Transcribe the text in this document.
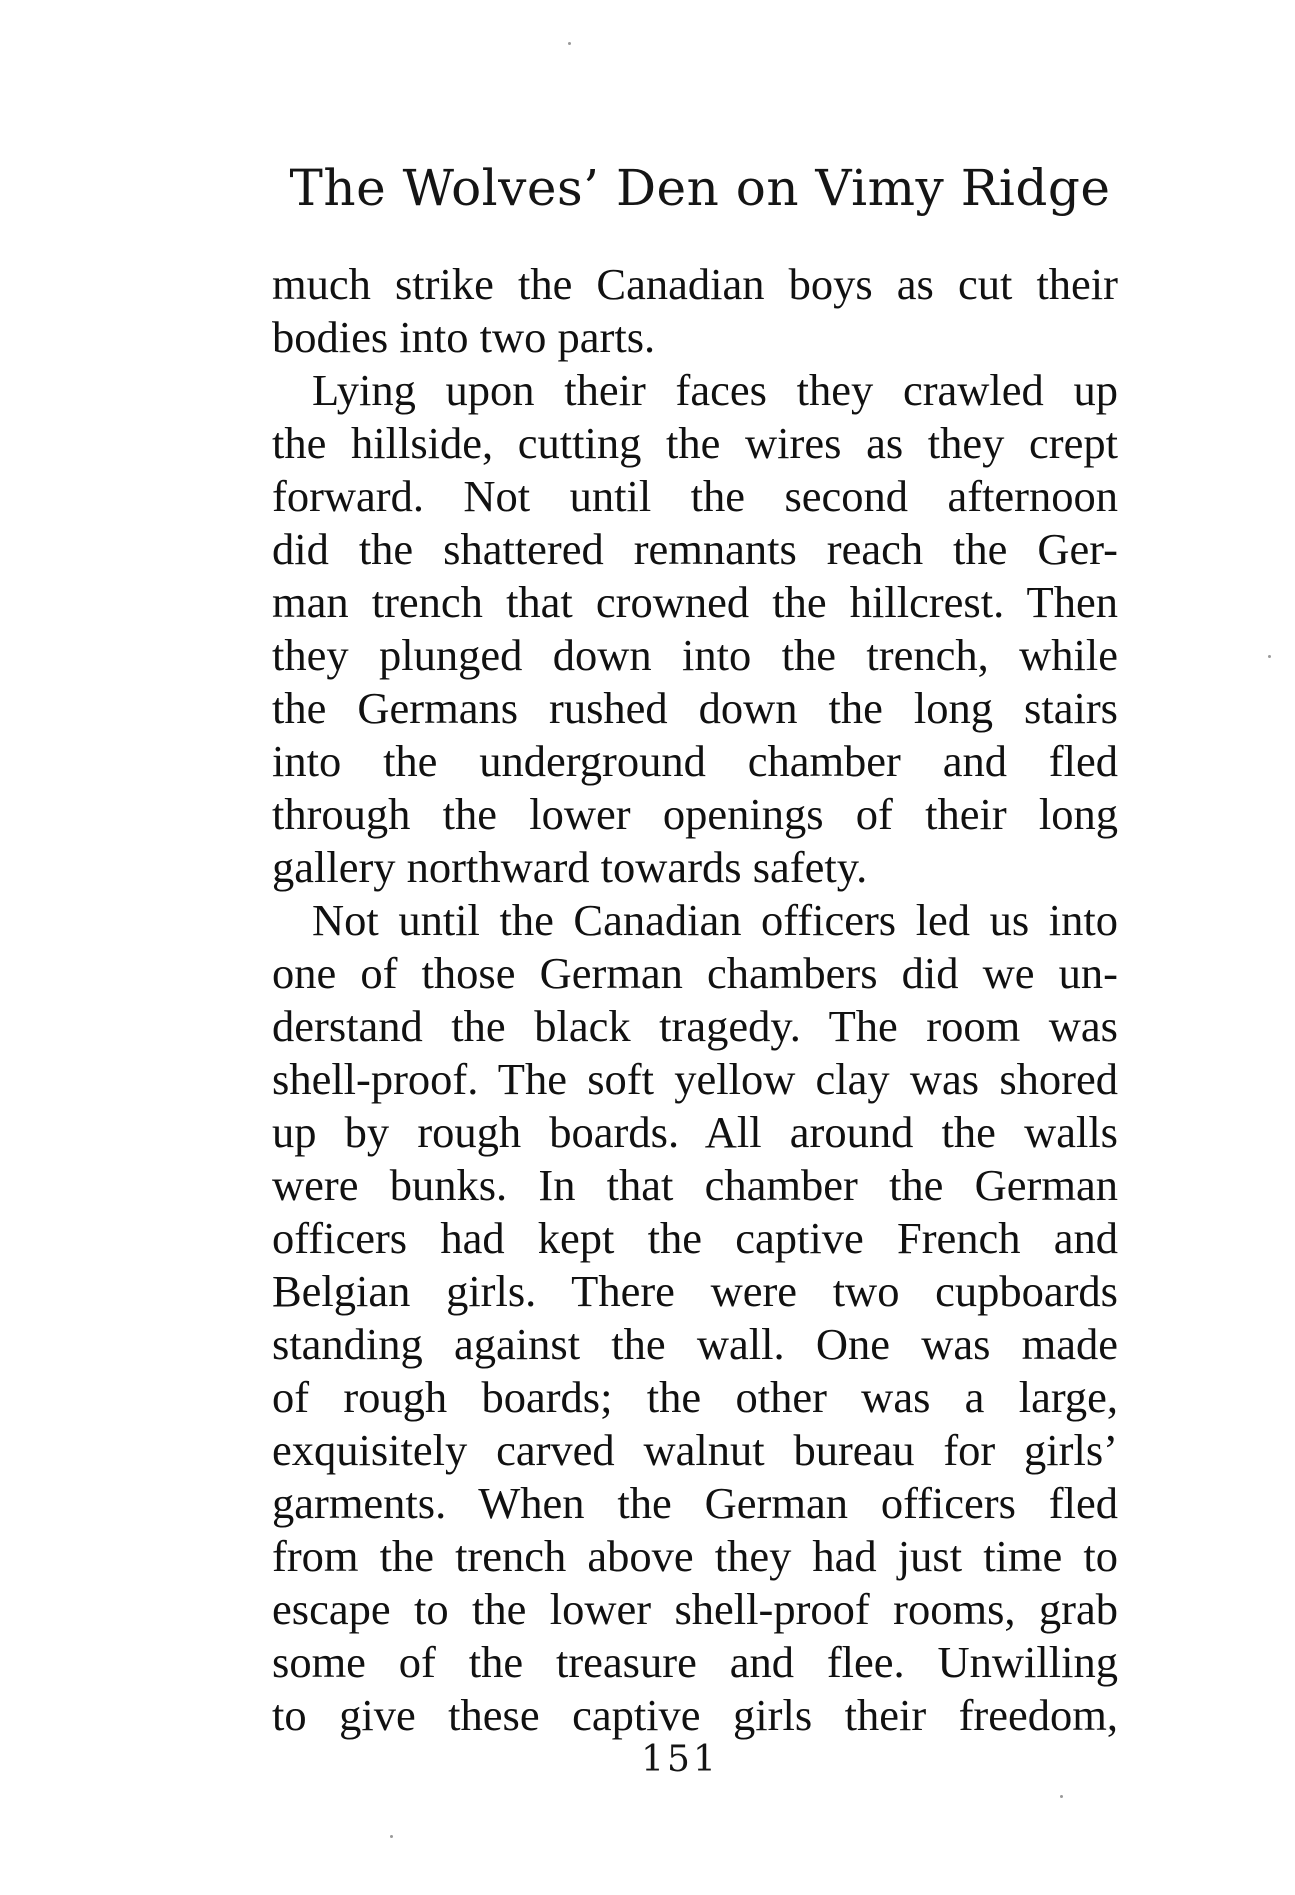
The Wolves’ Den on Vimy Ridge
much strike the Canadian boys as cut their
bodies into two parts.
Lying upon their faces they crawled up
the hillside, cutting the wires as they crept
forward. Not until the second afternoon
did the shattered remnants reach the Ger-
man trench that crowned the hillcrest. Then
they plunged down into the trench, while
the Germans rushed down the long stairs
into the underground chamber and fled
through the lower openings of their long
gallery northward towards safety.
Not until the Canadian officers led us into
one of those German chambers did we un-
derstand the black tragedy. The room was
shell-proof. The soft yellow clay was shored
up by rough boards. All around the walls
were bunks. In that chamber the German
officers had kept the captive French and
Belgian girls. There were two cupboards
standing against the wall. One was made
of rough boards; the other was a large,
exquisitely carved walnut bureau for girls’
garments. When the German officers fled
from the trench above they had just time to
escape to the lower shell-proof rooms, grab
some of the treasure and flee. Unwilling
to give these captive girls their freedom,
151
